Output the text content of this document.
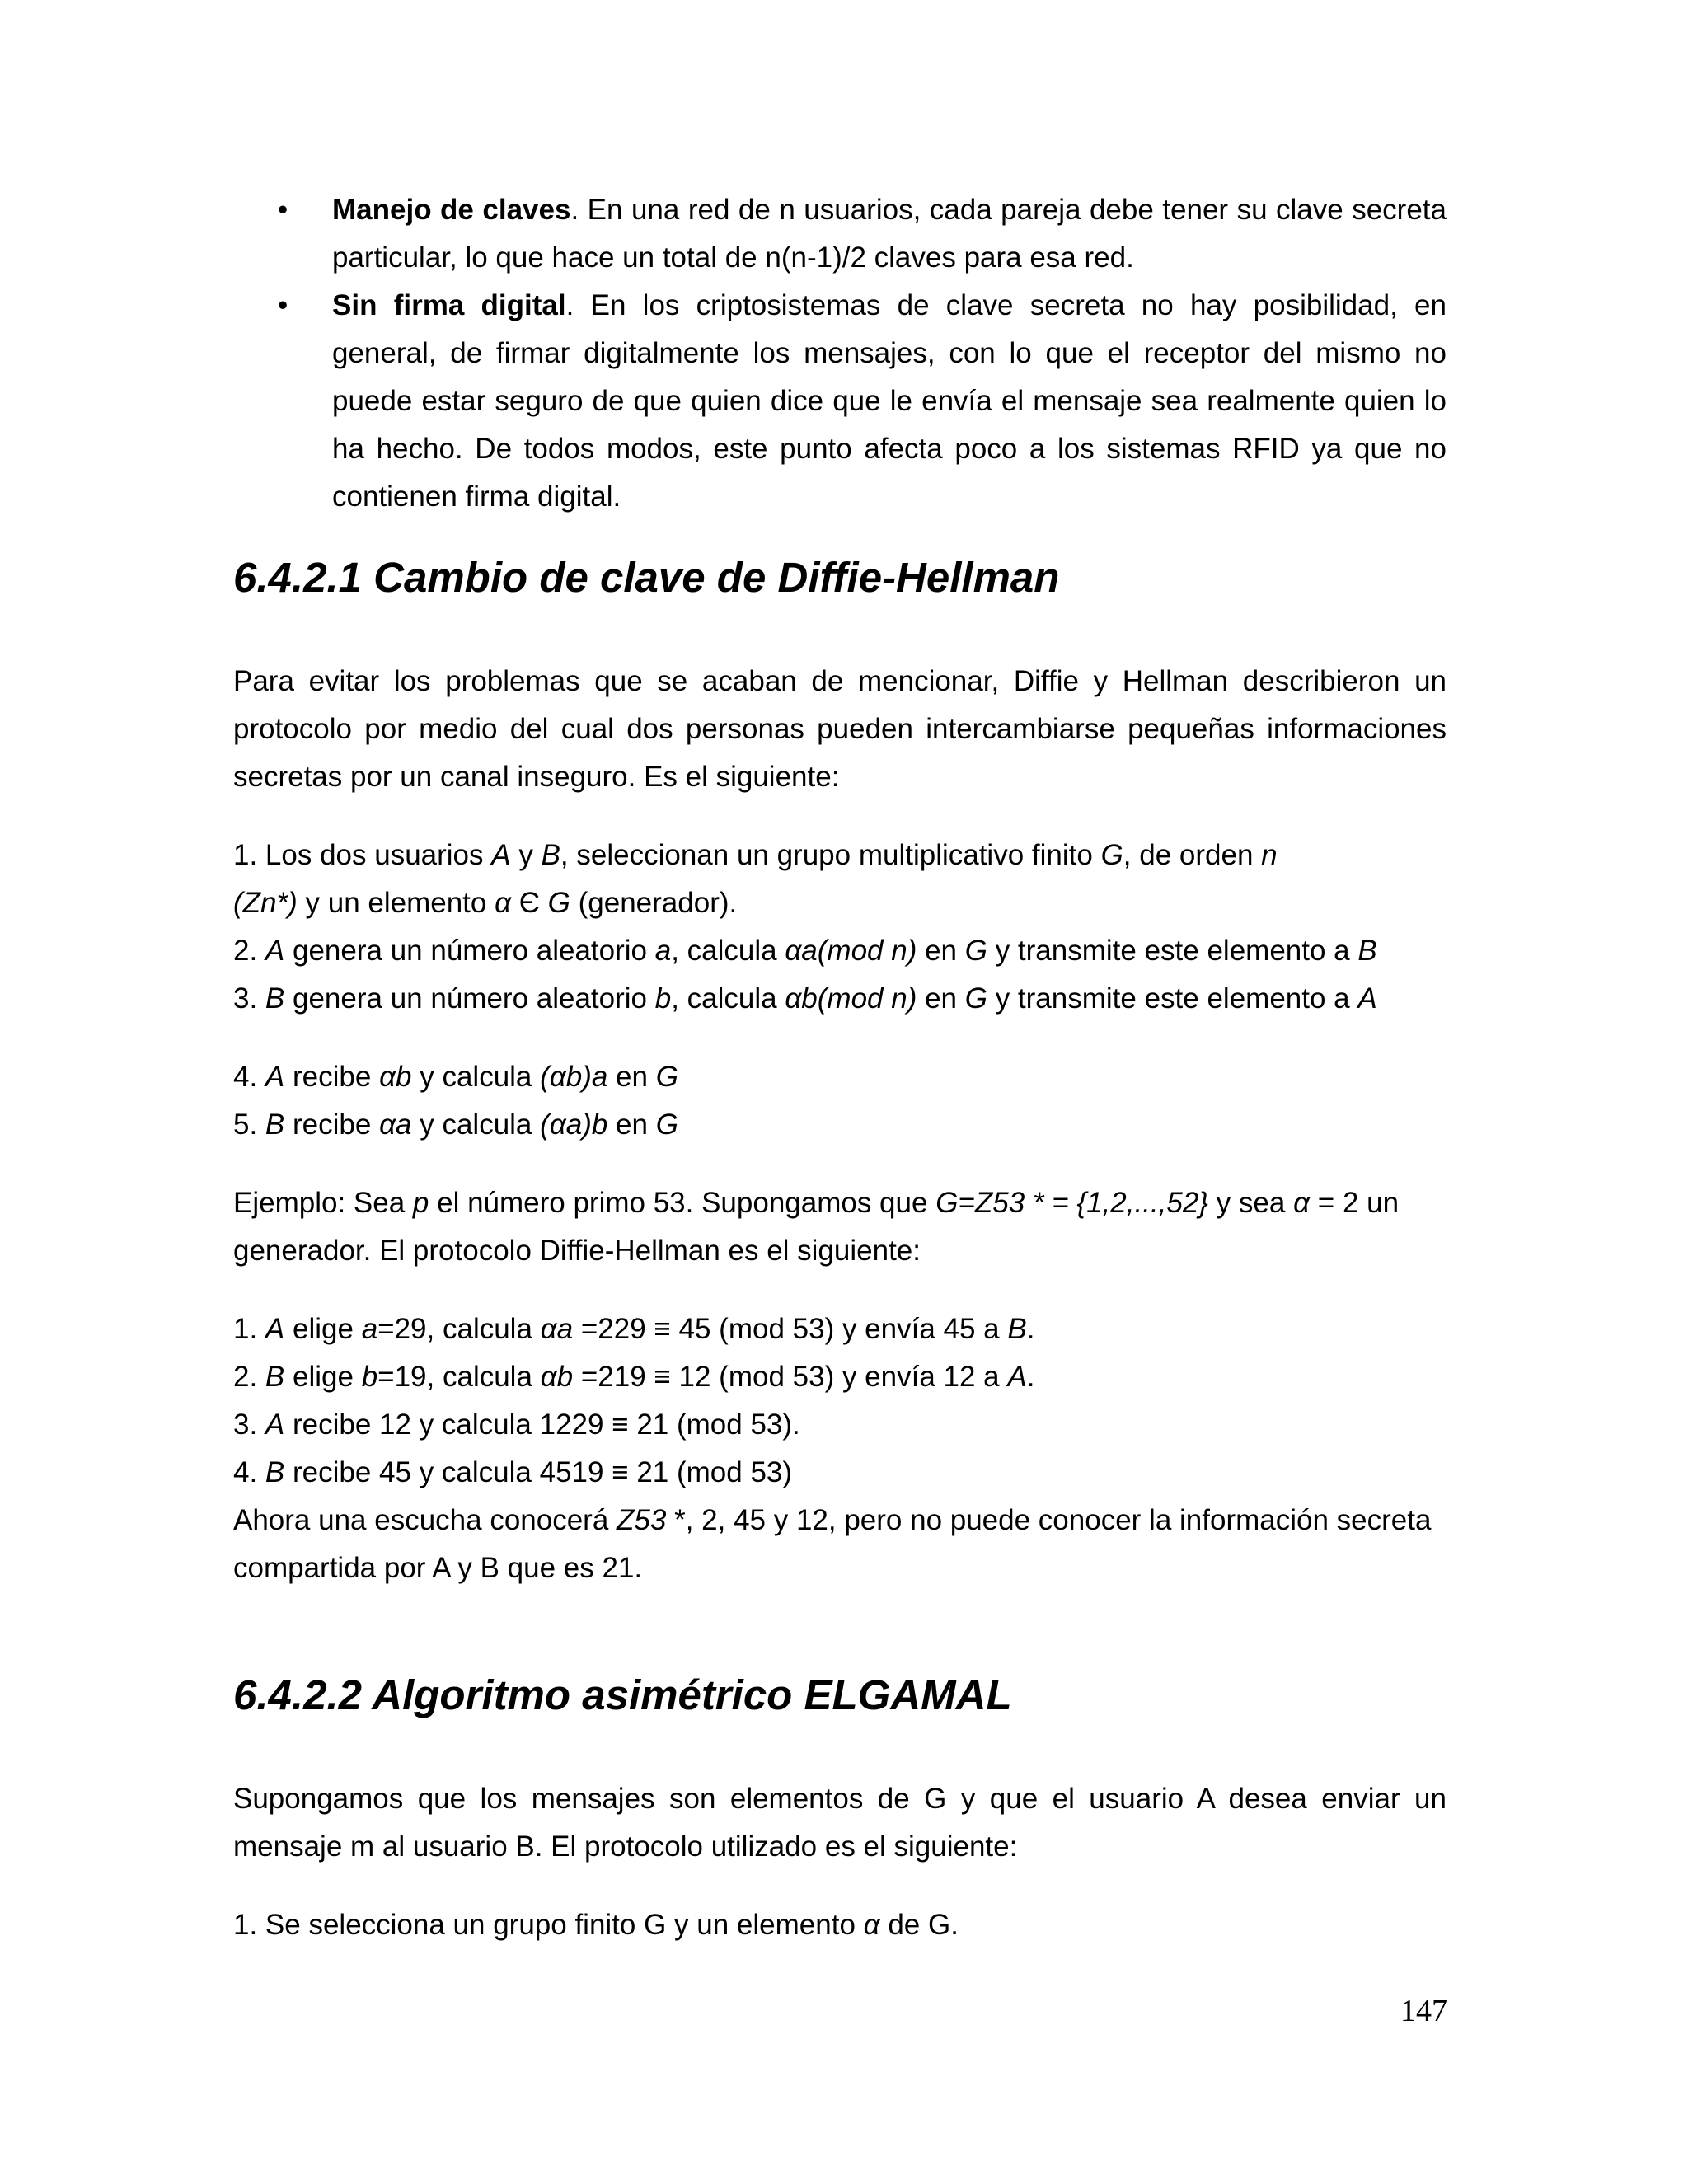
• Manejo de claves. En una red de n usuarios, cada pareja debe tener su clave secreta particular, lo que hace un total de n(n-1)/2 claves para esa red.
• Sin firma digital. En los criptosistemas de clave secreta no hay posibilidad, en general, de firmar digitalmente los mensajes, con lo que el receptor del mismo no puede estar seguro de que quien dice que le envía el mensaje sea realmente quien lo ha hecho. De todos modos, este punto afecta poco a los sistemas RFID ya que no contienen firma digital.
6.4.2.1 Cambio de clave de Diffie-Hellman

Para evitar los problemas que se acaban de mencionar, Diffie y Hellman describieron un protocolo por medio del cual dos personas pueden intercambiarse pequeñas informaciones secretas por un canal inseguro. Es el siguiente:

1. Los dos usuarios A y B, seleccionan un grupo multiplicativo finito G, de orden n
(Zn*) y un elemento α Є G (generador).

2. A genera un número aleatorio a, calcula αa(mod n) en G y transmite este elemento a B

3. B genera un número aleatorio b, calcula αb(mod n) en G y transmite este elemento a A

4. A recibe αb y calcula (αb)a en G

5. B recibe αa y calcula (αa)b en G

Ejemplo: Sea p el número primo 53. Supongamos que G=Z53 * = {1,2,...,52} y sea α = 2 un generador. El protocolo Diffie-Hellman es el siguiente:

1. A elige a=29, calcula αa =229 ≡ 45 (mod 53) y envía 45 a B.

2. B elige b=19, calcula αb =219 ≡ 12 (mod 53) y envía 12 a A.

3. A recibe 12 y calcula 1229 ≡ 21 (mod 53).

4. B recibe 45 y calcula 4519 ≡ 21 (mod 53)

Ahora una escucha conocerá Z53 *, 2, 45 y 12, pero no puede conocer la información secreta compartida por A y B que es 21.

6.4.2.2 Algoritmo asimétrico ELGAMAL

Supongamos que los mensajes son elementos de G y que el usuario A desea enviar un mensaje m al usuario B. El protocolo utilizado es el siguiente:

1. Se selecciona un grupo finito G y un elemento α de G.

147
